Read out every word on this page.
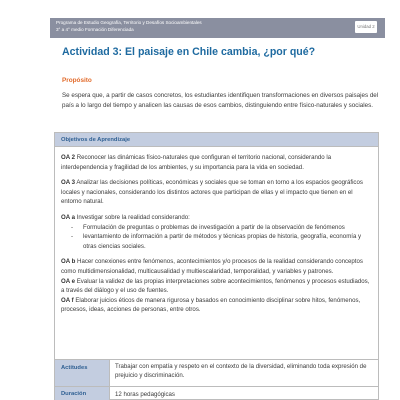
Programa de Estudio Geografía, Territorio y Desafíos Socioambientales
3° a 4° medio Formación Diferenciada
Unidad 2
Actividad 3: El paisaje en Chile cambia, ¿por qué?
Propósito
Se espera que, a partir de casos concretos, los estudiantes identifiquen transformaciones en diversos paisajes del país a lo largo del tiempo y analicen las causas de esos cambios, distinguiendo entre físico-naturales y sociales.
Objetivos de Aprendizaje

OA 2 Reconocer las dinámicas físico-naturales que configuran el territorio nacional, considerando la interdependencia y fragilidad de los ambientes, y su importancia para la vida en sociedad.

OA 3 Analizar las decisiones políticas, económicas y sociales que se toman en torno a los espacios geográficos locales y nacionales, considerando los distintos actores que participan de ellas y el impacto que tienen en el entorno natural.

OA a Investigar sobre la realidad considerando:

-	Formulación de preguntas o problemas de investigación a partir de la observación de fenómenos
-	levantamiento de información a partir de métodos y técnicas propias de historia, geografía, economía y otras ciencias sociales.

OA b Hacer conexiones entre fenómenos, acontecimientos y/o procesos de la realidad considerando conceptos como multidimensionalidad, multicausalidad y multiescalaridad, temporalidad, y variables y patrones.

OA e Evaluar la validez de las propias interpretaciones sobre acontecimientos, fenómenos y procesos estudiados, a través del diálogo y el uso de fuentes.

OA f Elaborar juicios éticos de manera rigurosa y basados en conocimiento disciplinar sobre hitos, fenómenos, procesos, ideas, acciones de personas, entre otros.

Actitudes	Trabajar con empatía y respeto en el contexto de la diversidad, eliminando toda expresión de prejuicio y discriminación.
Duración	12 horas pedagógicas
